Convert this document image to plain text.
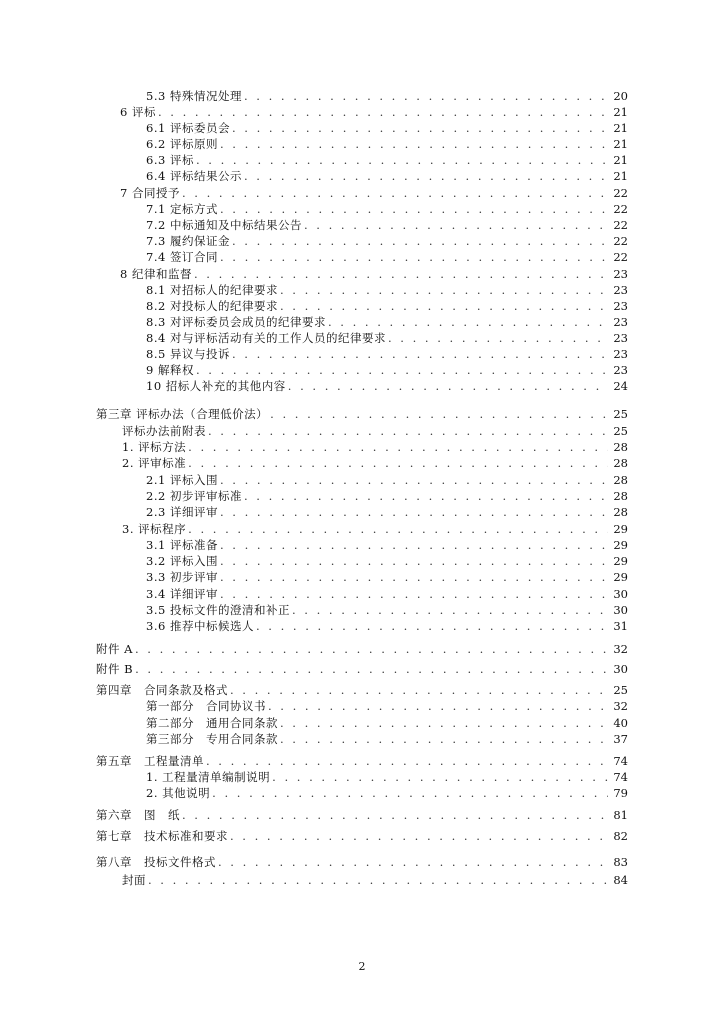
5.3 特殊情况处理 . . .	20
6 评标 . . .	21
6.1 评标委员会 . . .	21
6.2 评标原则 . . .	21
6.3 评标 . . .	21
6.4 评标结果公示 . . .	21
7 合同授予 . . .	22
7.1 定标方式 . . .	22
7.2 中标通知及中标结果公告 . . .	22
7.3 履约保证金 . . .	22
7.4 签订合同 . . .	22
8 纪律和监督 . . .	23
8.1 对招标人的纪律要求 . . .	23
8.2 对投标人的纪律要求 . . .	23
8.3 对评标委员会成员的纪律要求 . . .	23
8.4 对与评标活动有关的工作人员的纪律要求 . . .	23
8.5 异议与投诉 . . .	23
9 解释权 . . .	23
10 招标人补充的其他内容 . . .	24
第三章 评标办法（合理低价法） . . .	25
评标办法前附表 . . .	25
1. 评标方法 . . .	28
2. 评审标准 . . .	28
2.1 评标入围 . . .	28
2.2 初步评审标准 . . .	28
2.3 详细评审 . . .	28
3. 评标程序 . . .	29
3.1 评标准备 . . .	29
3.2 评标入围 . . .	29
3.3 初步评审 . . .	29
3.4 详细评审 . . .	30
3.5 投标文件的澄清和补正 . . .	30
3.6 推荐中标候选人 . . .	31
附件 A . . .	32
附件 B . . .	30
第四章　合同条款及格式 . . .	25
第一部分　合同协议书 . . .	32
第二部分　通用合同条款 . . .	40
第三部分　专用合同条款 . . .	37
第五章　工程量清单 . . .	74
1. 工程量清单编制说明 . . .	74
2. 其他说明 . . .	79
第六章　图　纸 . . .	81
第七章　技术标准和要求 . . .	82
第八章　投标文件格式 . . .	83
封面 . . .	84
2
